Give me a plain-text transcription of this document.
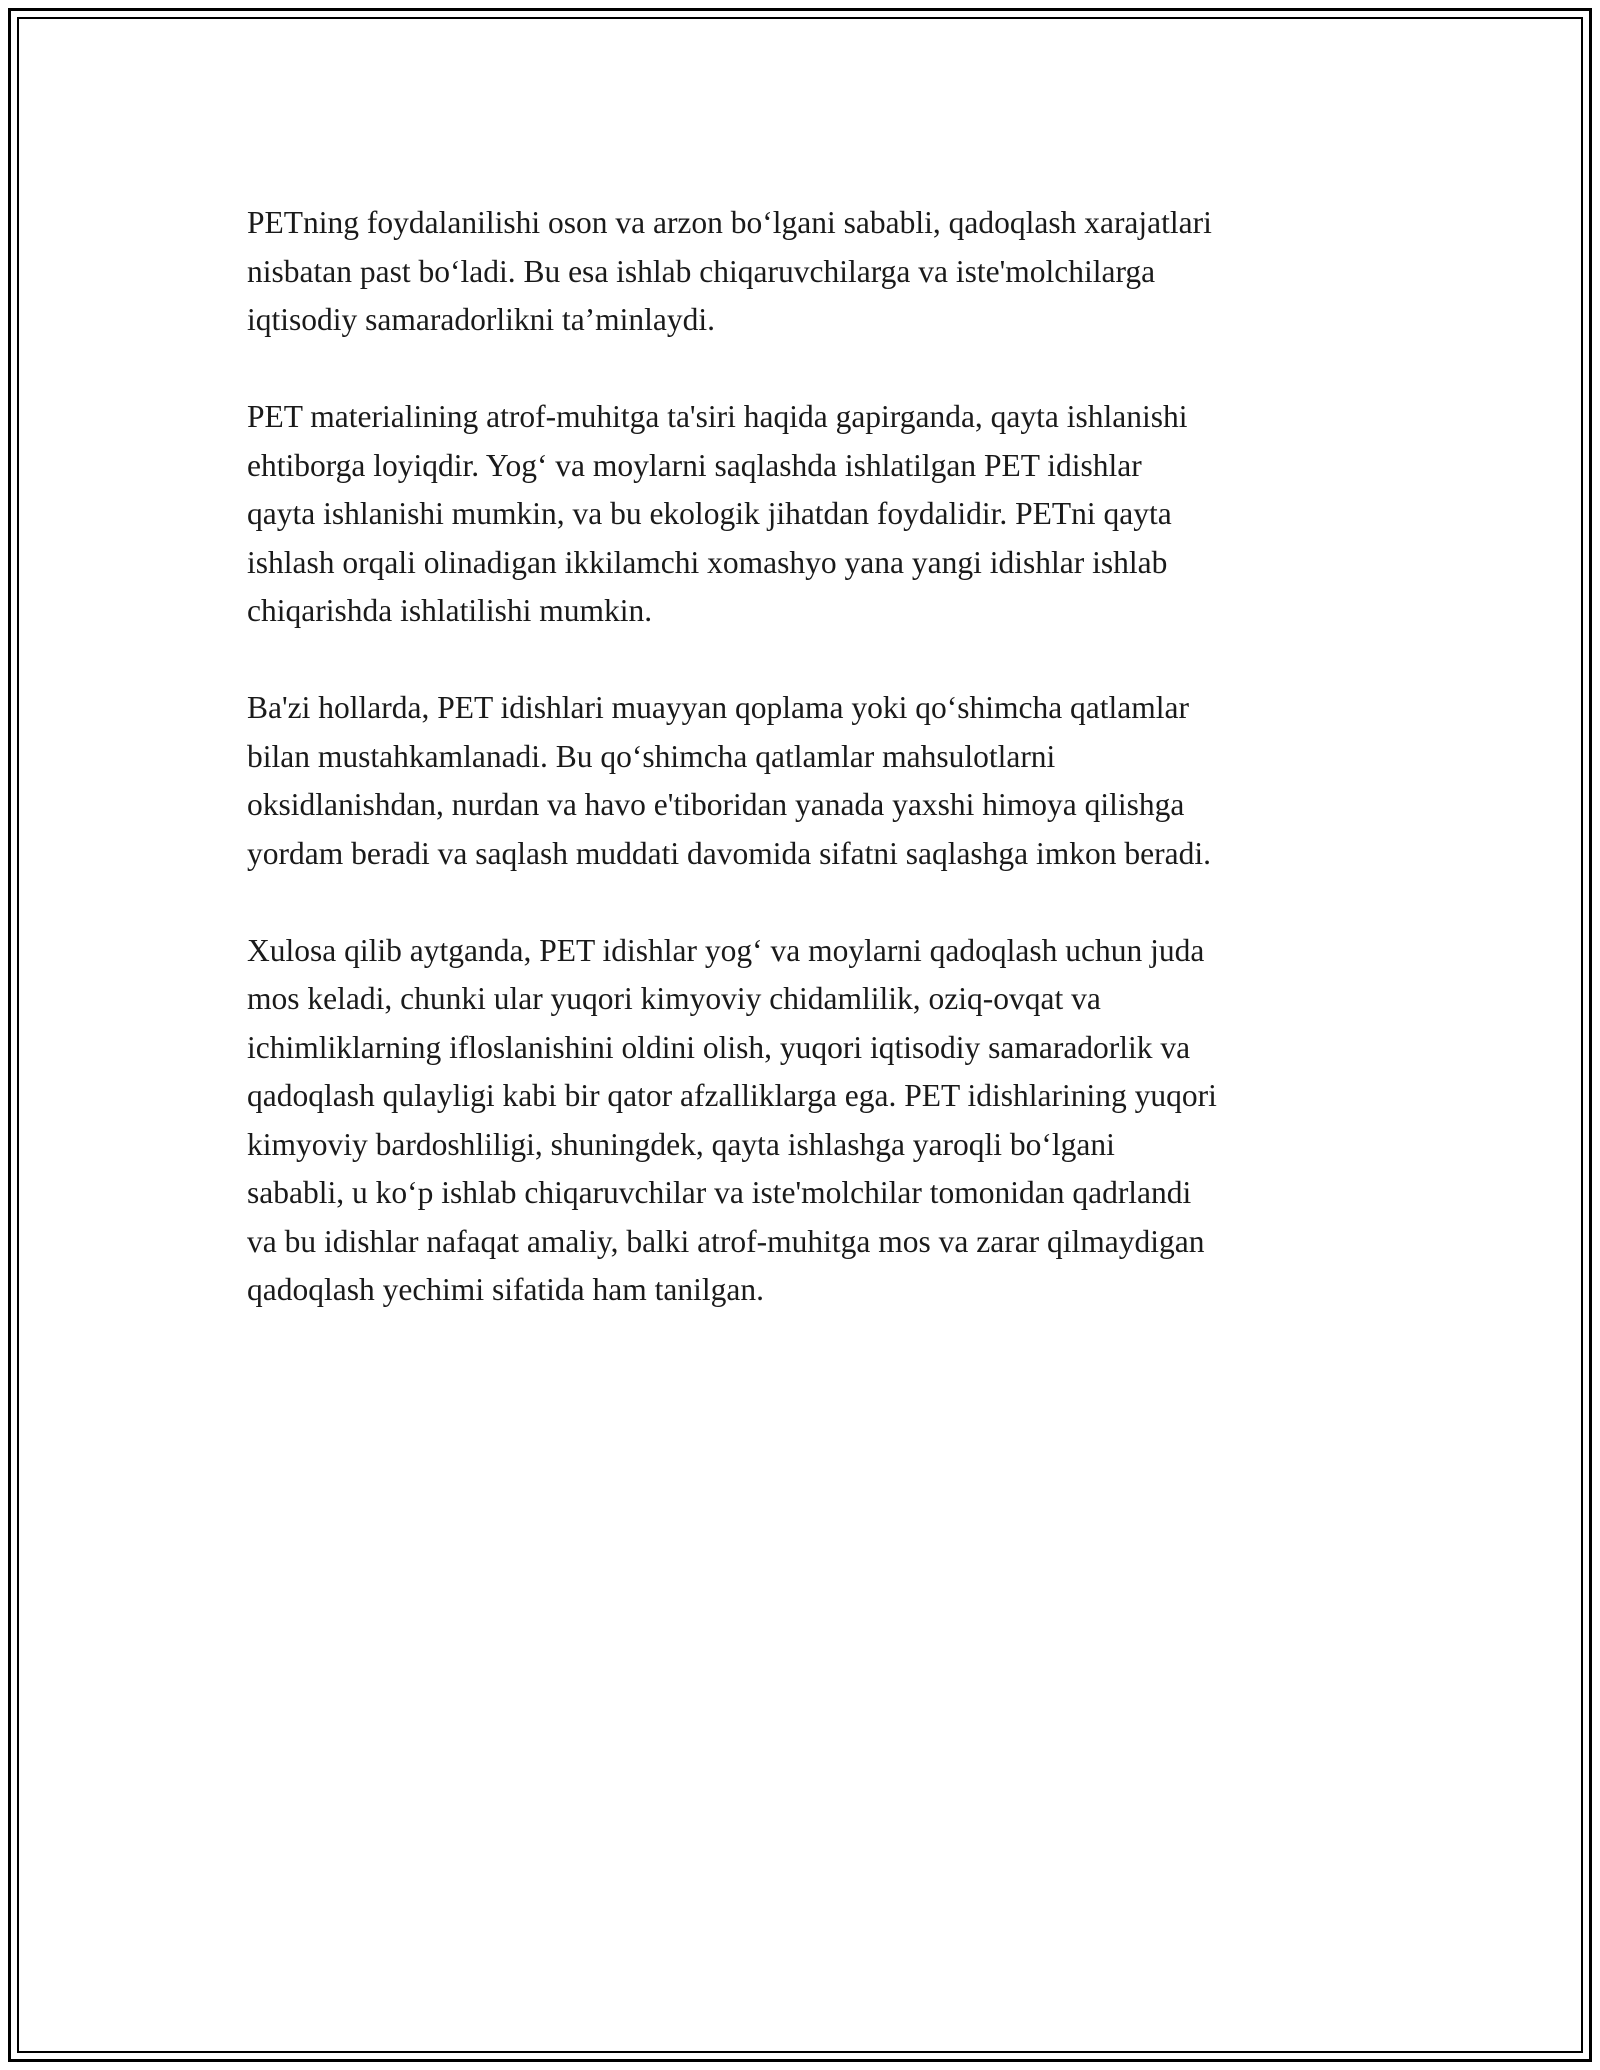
PETning foydalanilishi oson va arzon bo‘lgani sababli, qadoqlash xarajatlari
nisbatan past bo‘ladi. Bu esa ishlab chiqaruvchilarga va iste'molchilarga
iqtisodiy samaradorlikni ta’minlaydi.

PET materialining atrof-muhitga ta'siri haqida gapirganda, qayta ishlanishi
ehtiborga loyiqdir. Yog‘ va moylarni saqlashda ishlatilgan PET idishlar
qayta ishlanishi mumkin, va bu ekologik jihatdan foydalidir. PETni qayta
ishlash orqali olinadigan ikkilamchi xomashyo yana yangi idishlar ishlab
chiqarishda ishlatilishi mumkin.

Ba'zi hollarda, PET idishlari muayyan qoplama yoki qo‘shimcha qatlamlar
bilan mustahkamlanadi. Bu qo‘shimcha qatlamlar mahsulotlarni
oksidlanishdan, nurdan va havo e'tiboridan yanada yaxshi himoya qilishga
yordam beradi va saqlash muddati davomida sifatni saqlashga imkon beradi.

Xulosa qilib aytganda, PET idishlar yog‘ va moylarni qadoqlash uchun juda
mos keladi, chunki ular yuqori kimyoviy chidamlilik, oziq-ovqat va
ichimliklarning ifloslanishini oldini olish, yuqori iqtisodiy samaradorlik va
qadoqlash qulayligi kabi bir qator afzalliklarga ega. PET idishlarining yuqori
kimyoviy bardoshliligi, shuningdek, qayta ishlashga yaroqli bo‘lgani
sababli, u ko‘p ishlab chiqaruvchilar va iste'molchilar tomonidan qadrlandi
va bu idishlar nafaqat amaliy, balki atrof-muhitga mos va zarar qilmaydigan
qadoqlash yechimi sifatida ham tanilgan.
